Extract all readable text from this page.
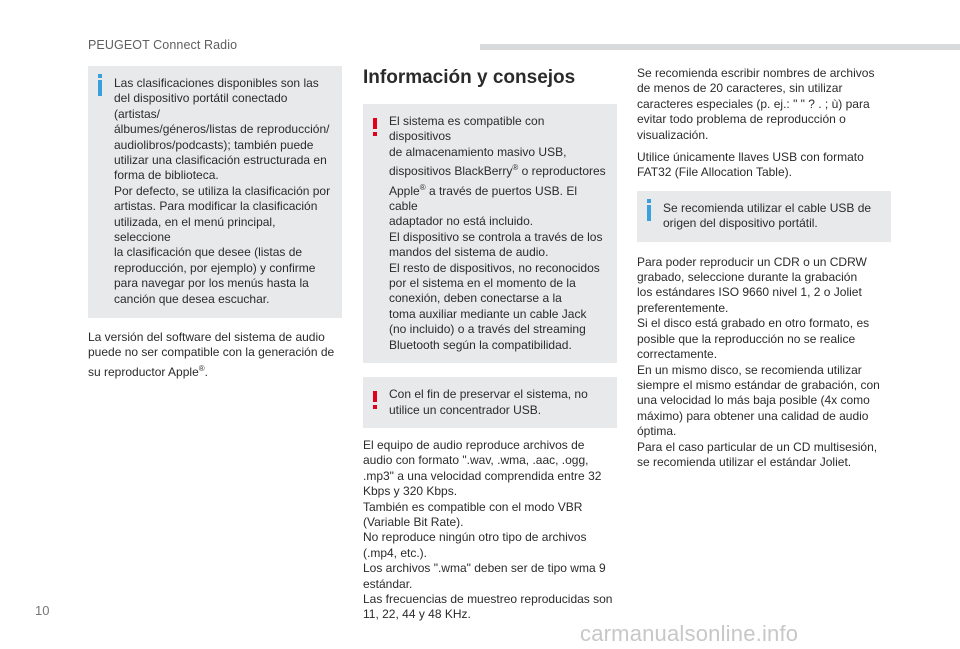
PEUGEOT Connect Radio
Las clasificaciones disponibles son las
del dispositivo portátil conectado (artistas/
álbumes/géneros/listas de reproducción/
audiolibros/podcasts); también puede
utilizar una clasificación estructurada en
forma de biblioteca.
Por defecto, se utiliza la clasificación por
artistas. Para modificar la clasificación
utilizada, en el menú principal, seleccione
la clasificación que desee (listas de
reproducción, por ejemplo) y confirme
para navegar por los menús hasta la
canción que desea escuchar.
La versión del software del sistema de audio
puede no ser compatible con la generación de
su reproductor Apple®.
Información y consejos
El sistema es compatible con dispositivos
de almacenamiento masivo USB,
dispositivos BlackBerry® o reproductores
Apple® a través de puertos USB. El cable
adaptador no está incluido.
El dispositivo se controla a través de los
mandos del sistema de audio.
El resto de dispositivos, no reconocidos
por el sistema en el momento de la
conexión, deben conectarse a la
toma auxiliar mediante un cable Jack
(no incluido) o a través del streaming
Bluetooth según la compatibilidad.
Con el fin de preservar el sistema, no
utilice un concentrador USB.
El equipo de audio reproduce archivos de
audio con formato ".wav, .wma, .aac, .ogg,
.mp3" a una velocidad comprendida entre 32
Kbps y 320 Kbps.
También es compatible con el modo VBR
(Variable Bit Rate).
No reproduce ningún otro tipo de archivos
(.mp4, etc.).
Los archivos ".wma" deben ser de tipo wma 9
estándar.
Las frecuencias de muestreo reproducidas son
11, 22, 44 y 48 KHz.
Se recomienda escribir nombres de archivos
de menos de 20 caracteres, sin utilizar
caracteres especiales (p. ej.: " " ? . ; ù) para
evitar todo problema de reproducción o
visualización.
Utilice únicamente llaves USB con formato
FAT32 (File Allocation Table).
Se recomienda utilizar el cable USB de
origen del dispositivo portátil.
Para poder reproducir un CDR o un CDRW
grabado, seleccione durante la grabación
los estándares ISO 9660 nivel 1, 2 o Joliet
preferentemente.
Si el disco está grabado en otro formato, es
posible que la reproducción no se realice
correctamente.
En un mismo disco, se recomienda utilizar
siempre el mismo estándar de grabación, con
una velocidad lo más baja posible (4x como
máximo) para obtener una calidad de audio
óptima.
Para el caso particular de un CD multisesión,
se recomienda utilizar el estándar Joliet.
10
carmanualsonline.info
